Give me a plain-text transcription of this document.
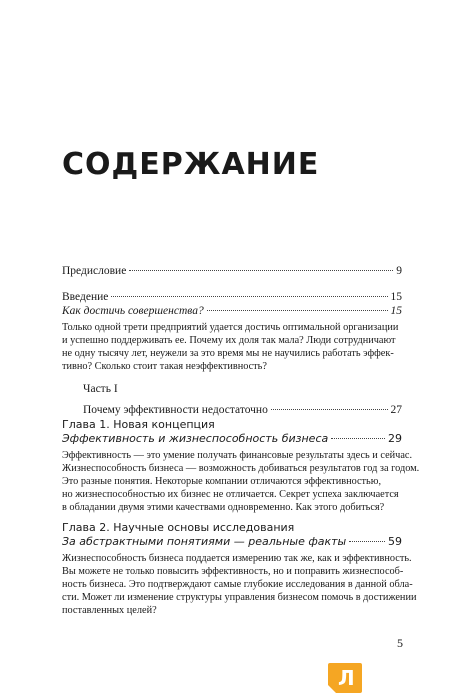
СОДЕРЖАНИЕ
Предисловие	9
Введение	15
Как достичь совершенства?	15

Только одной трети предприятий удается достичь оптимальной организации

и успешно поддерживать ее. Почему их доля так мала? Люди сотрудничают

не одну тысячу лет, неужели за это время мы не научились работать эффек-

тивно? Сколько стоит такая неэффективность?

Часть I
Почему эффективности недостаточно	27
Глава 1. Новая концепция
Эффективность и жизнеспособность бизнеса	29

Эффективность — это умение получать финансовые результаты здесь и сейчас.

Жизнеспособность бизнеса — возможность добиваться результатов год за годом.

Это разные понятия. Некоторые компании отличаются эффективностью,

но жизнеспособностью их бизнес не отличается. Секрет успеха заключается

в обладании двумя этими качествами одновременно. Как этого добиться?

Глава 2. Научные основы исследования
За абстрактными понятиями — реальные факты	59

Жизнеспособность бизнеса поддается измерению так же, как и эффективность.

Вы можете не только повысить эффективность, но и поправить жизнеспособ-

ность бизнеса. Это подтверждают самые глубокие исследования в данной обла-

сти. Может ли изменение структуры управления бизнесом помочь в достижении

поставленных целей?

5
Л
